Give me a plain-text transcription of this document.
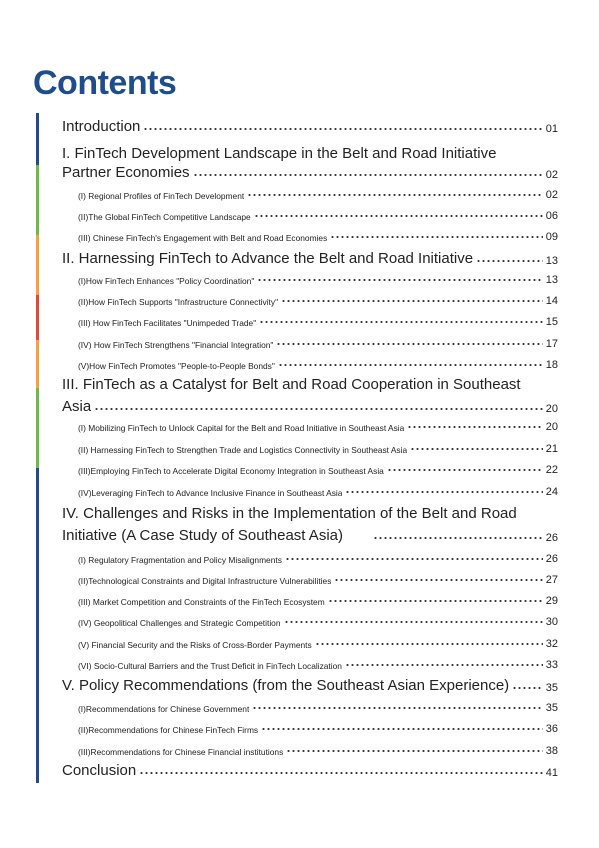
Contents
Introduction	01
I. FinTech Development Landscape in the Belt and Road Initiative
Partner Economies	02
(I) Regional Profiles of FinTech Development	02
(II)The Global FinTech Competitive Landscape	06
(III) Chinese FinTech's Engagement with Belt and Road Economies	09
II. Harnessing FinTech to Advance the Belt and Road Initiative	13
(I)How FinTech Enhances "Policy Coordination"	13
(II)How FinTech Supports "Infrastructure Connectivity"	14
(III) How FinTech Facilitates "Unimpeded Trade"	15
(IV) How FinTech Strengthens "Financial Integration"	17
(V)How FinTech Promotes "People-to-People Bonds"	18
III. FinTech as a Catalyst for Belt and Road Cooperation in Southeast
Asia	20
(I) Mobilizing FinTech to Unlock Capital for the Belt and Road Initiative in Southeast Asia	20
(II) Harnessing FinTech to Strengthen Trade and Logistics Connectivity in Southeast Asia	21
(III)Employing FinTech to Accelerate Digital Economy Integration in Southeast Asia	22
(IV)Leveraging FinTech to Advance Inclusive Finance in Southeast Asia	24
IV. Challenges and Risks in the Implementation of the Belt and Road
Initiative (A Case Study of Southeast Asia)	26
(I) Regulatory Fragmentation and Policy Misalignments	26
(II)Technological Constraints and Digital Infrastructure Vulnerabilities	27
(III) Market Competition and Constraints of the FinTech Ecosystem	29
(IV) Geopolitical Challenges and Strategic Competition	30
(V) Financial Security and the Risks of Cross-Border Payments	32
(VI) Socio-Cultural Barriers and the Trust Deficit in FinTech Localization	33
V. Policy Recommendations (from the Southeast Asian Experience)	35
(I)Recommendations for Chinese Government	35
(II)Recommendations for Chinese FinTech Firms	36
(III)Recommendations for Chinese Financial institutions	38
Conclusion	41
